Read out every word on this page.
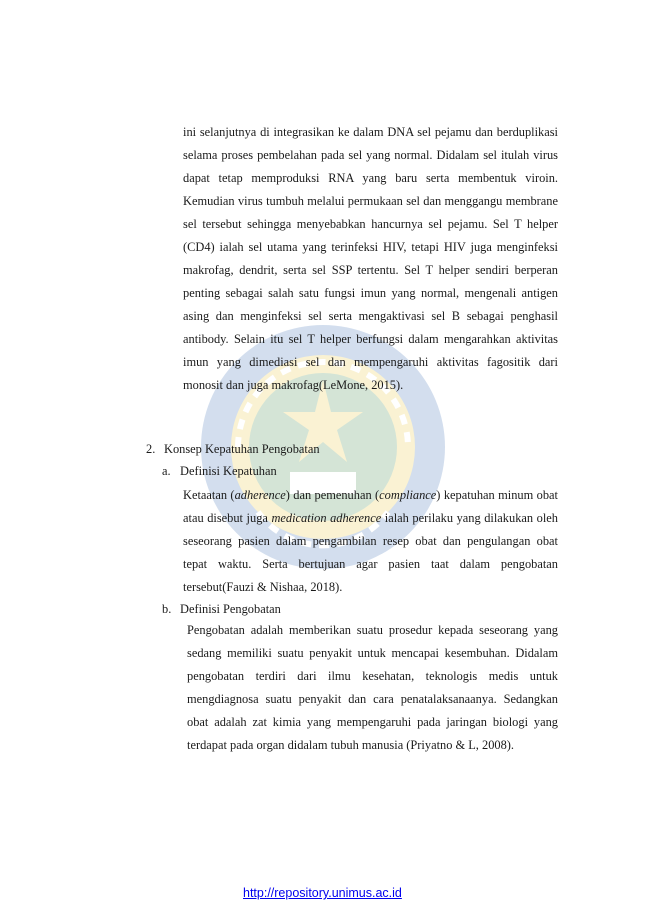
ini selanjutnya di integrasikan ke dalam DNA sel pejamu dan berduplikasi selama proses pembelahan pada sel yang normal. Didalam sel itulah virus dapat tetap memproduksi RNA yang baru serta membentuk viroin. Kemudian virus tumbuh melalui permukaan sel dan menggangu membrane sel tersebut sehingga menyebabkan hancurnya sel pejamu. Sel T helper (CD4) ialah sel utama yang terinfeksi HIV, tetapi HIV juga menginfeksi makrofag, dendrit, serta sel SSP tertentu. Sel T helper sendiri berperan penting sebagai salah satu fungsi imun yang normal, mengenali antigen asing dan menginfeksi sel serta mengaktivasi sel B sebagai penghasil antibody. Selain itu sel T helper berfungsi dalam mengarahkan aktivitas imun yang dimediasi sel dan mempengaruhi aktivitas fagositik dari monosit dan juga makrofag(LeMone, 2015).

2. Konsep Kepatuhan Pengobatan
a. Definisi Kepatuhan

Ketaatan (adherence) dan pemenuhan (compliance) kepatuhan minum obat atau disebut juga medication adherence ialah perilaku yang dilakukan oleh seseorang pasien dalam pengambilan resep obat dan pengulangan obat tepat waktu. Serta bertujuan agar pasien taat dalam pengobatan tersebut(Fauzi & Nishaa, 2018).

b. Definisi Pengobatan

Pengobatan adalah memberikan suatu prosedur kepada seseorang yang sedang memiliki suatu penyakit untuk mencapai kesembuhan. Didalam pengobatan terdiri dari ilmu kesehatan, teknologis medis untuk mengdiagnosa suatu penyakit dan cara penatalaksanaanya. Sedangkan obat adalah zat kimia yang mempengaruhi pada jaringan biologi yang terdapat pada organ didalam tubuh manusia (Priyatno & L, 2008).

http://repository.unimus.ac.id
